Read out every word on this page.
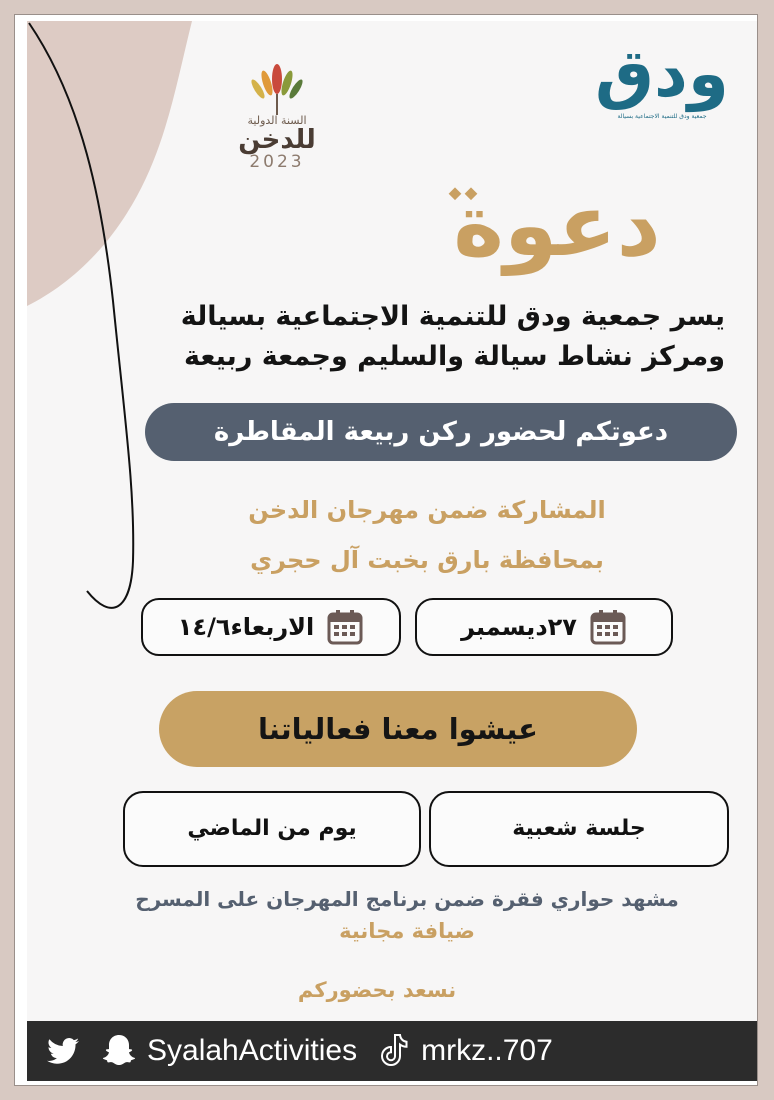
ودق
جمعية ودق للتنمية الاجتماعية بسيالة
السنة الدولية
للدخن
2023
دعوة
يسر جمعية ودق للتنمية الاجتماعية بسيالة
ومركز نشاط سيالة والسليم وجمعة ربيعة
دعوتكم لحضور ركن ربيعة المقاطرة
المشاركة ضمن مهرجان الدخن
بمحافظة بارق بخبت آل حجري
٢٧ديسمبر
الاربعاء١٤/٦
عيشوا معنا فعالياتنا
جلسة شعبية
يوم من الماضي
مشهد حواري فقرة ضمن برنامج المهرجان على المسرح
ضيافة مجانية
نسعد بحضوركم
SyalahActivities mrkz..707
